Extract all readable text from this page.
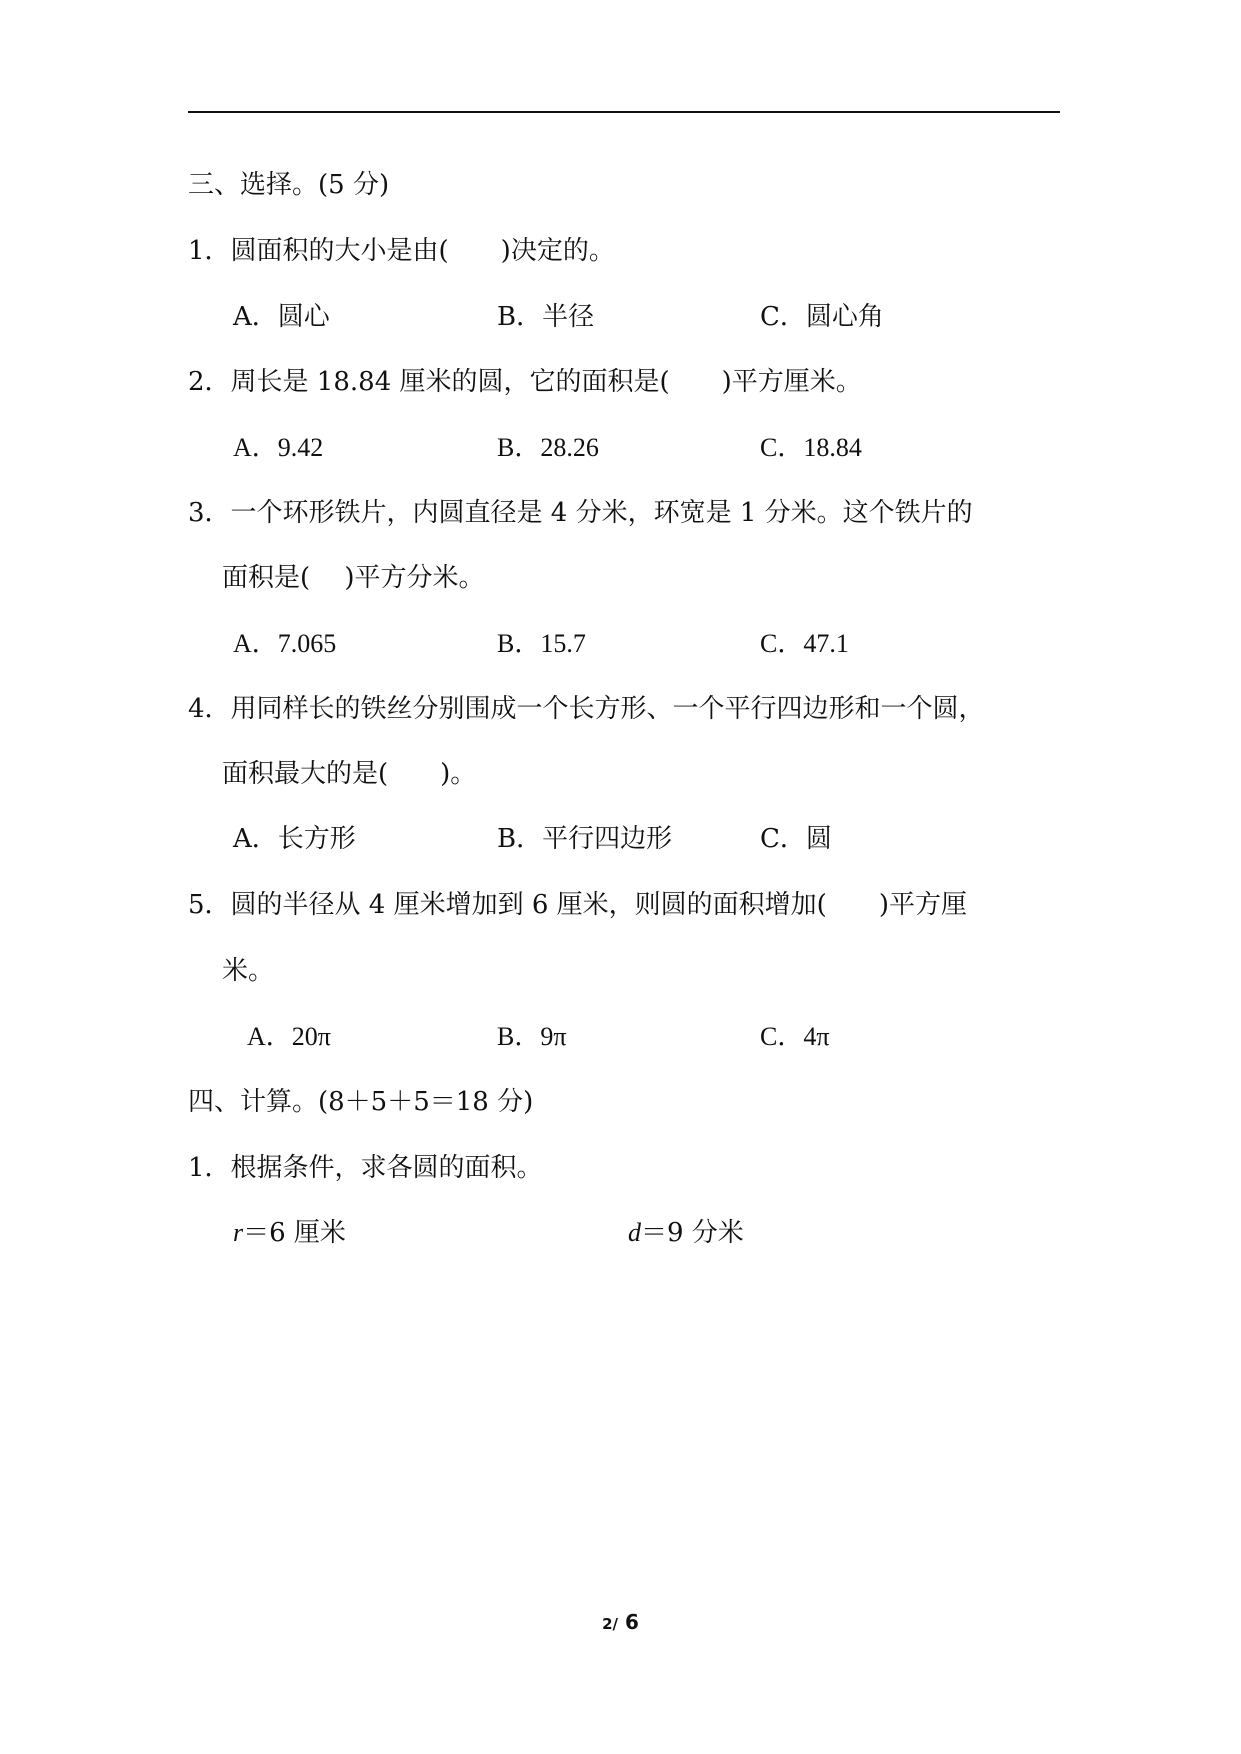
三、选择。(5 分)
1．圆面积的大小是由(　　)决定的。
A．圆心	B．半径	C．圆心角
2．周长是 18.84 厘米的圆，它的面积是(　　)平方厘米。
A．9.42	B．28.26	C．18.84
3．一个环形铁片，内圆直径是 4 分米，环宽是 1 分米。这个铁片的
面积是(　 )平方分米。
A．7.065	B．15.7	C．47.1
4．用同样长的铁丝分别围成一个长方形、一个平行四边形和一个圆，
面积最大的是(　　)。
A．长方形	B．平行四边形	C．圆
5．圆的半径从 4 厘米增加到 6 厘米，则圆的面积增加(　　)平方厘
米。
A．20π	B．9π	C．4π
四、计算。(8＋5＋5＝18 分)
1．根据条件，求各圆的面积。
r＝6 厘米	d＝9 分米
2/ 6
